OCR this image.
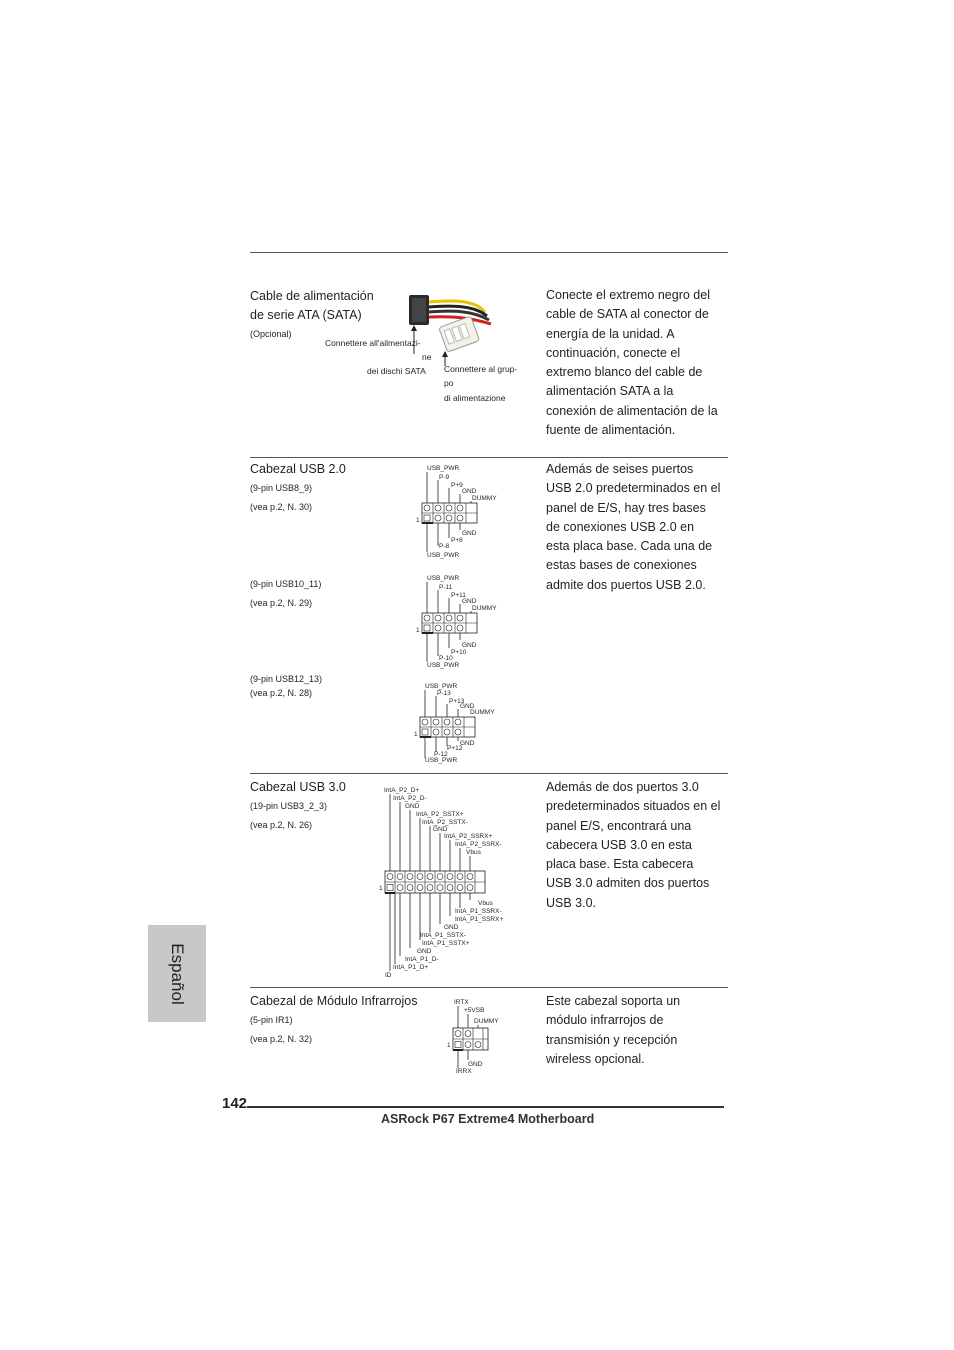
Cable de alimentación
de serie ATA (SATA)
(Opcional)
Connettere all'ailmentazi-
ne
dei dischi SATA Connettere al grup-
po
di alimentazione

Conecte el extremo negro del

cable de SATA al conector de

energía de la unidad. A

continuación, conecte el

extremo blanco del cable de

alimentación SATA a la

conexión de alimentación de la

fuente de alimentación.

Cabezal USB 2.0
(9-pin USB8_9)
(vea p.2, N. 30)
(9-pin USB10_11)
(vea p.2, N. 29)
(9-pin USB12_13)
(vea p.2, N. 28)
USB_PWR
P-9
P+9
GND
DUMMY
1
GND
P+8
P-8
USB_PWR
USB_PWR
P-11
P+11
GND
DUMMY
1
GND
P+10
P-10
USB_PWR
USB_PWR
P-13
P+13
GND
DUMMY
1
GND
P+12
P-12
USB_PWR

Además de seises puertos

USB 2.0 predeterminados en el

panel de E/S, hay tres bases

de conexiones USB 2.0 en

esta placa base. Cada una de

estas bases de conexiones

admite dos puertos USB 2.0.

Cabezal USB 3.0
(19-pin USB3_2_3)
(vea p.2, N. 26)
IntA_P2_D+
IntA_P2_D-
GND
IntA_P2_SSTX+
IntA_P2_SSTX-
GND
IntA_P2_SSRX+
IntA_P2_SSRX-
Vbus
1
Vbus
IntA_P1_SSRX-
IntA_P1_SSRX+
GND
IntA_P1_SSTX-
IntA_P1_SSTX+
GND
IntA_P1_D-
IntA_P1_D+
ID

Además de dos puertos 3.0

predeterminados situados en el

panel E/S, encontrará una

cabecera USB 3.0 en esta

placa base. Esta cabecera

USB 3.0 admiten dos puertos

USB 3.0.

Cabezal de Módulo Infrarrojos
(5-pin IR1)
(vea p.2, N. 32)
IRTX
+5VSB
DUMMY
1
GND
IRRX

Este cabezal soporta un

módulo infrarrojos de

transmisión y recepción

wireless opcional.

Español
142
ASRock P67 Extreme4 Motherboard
